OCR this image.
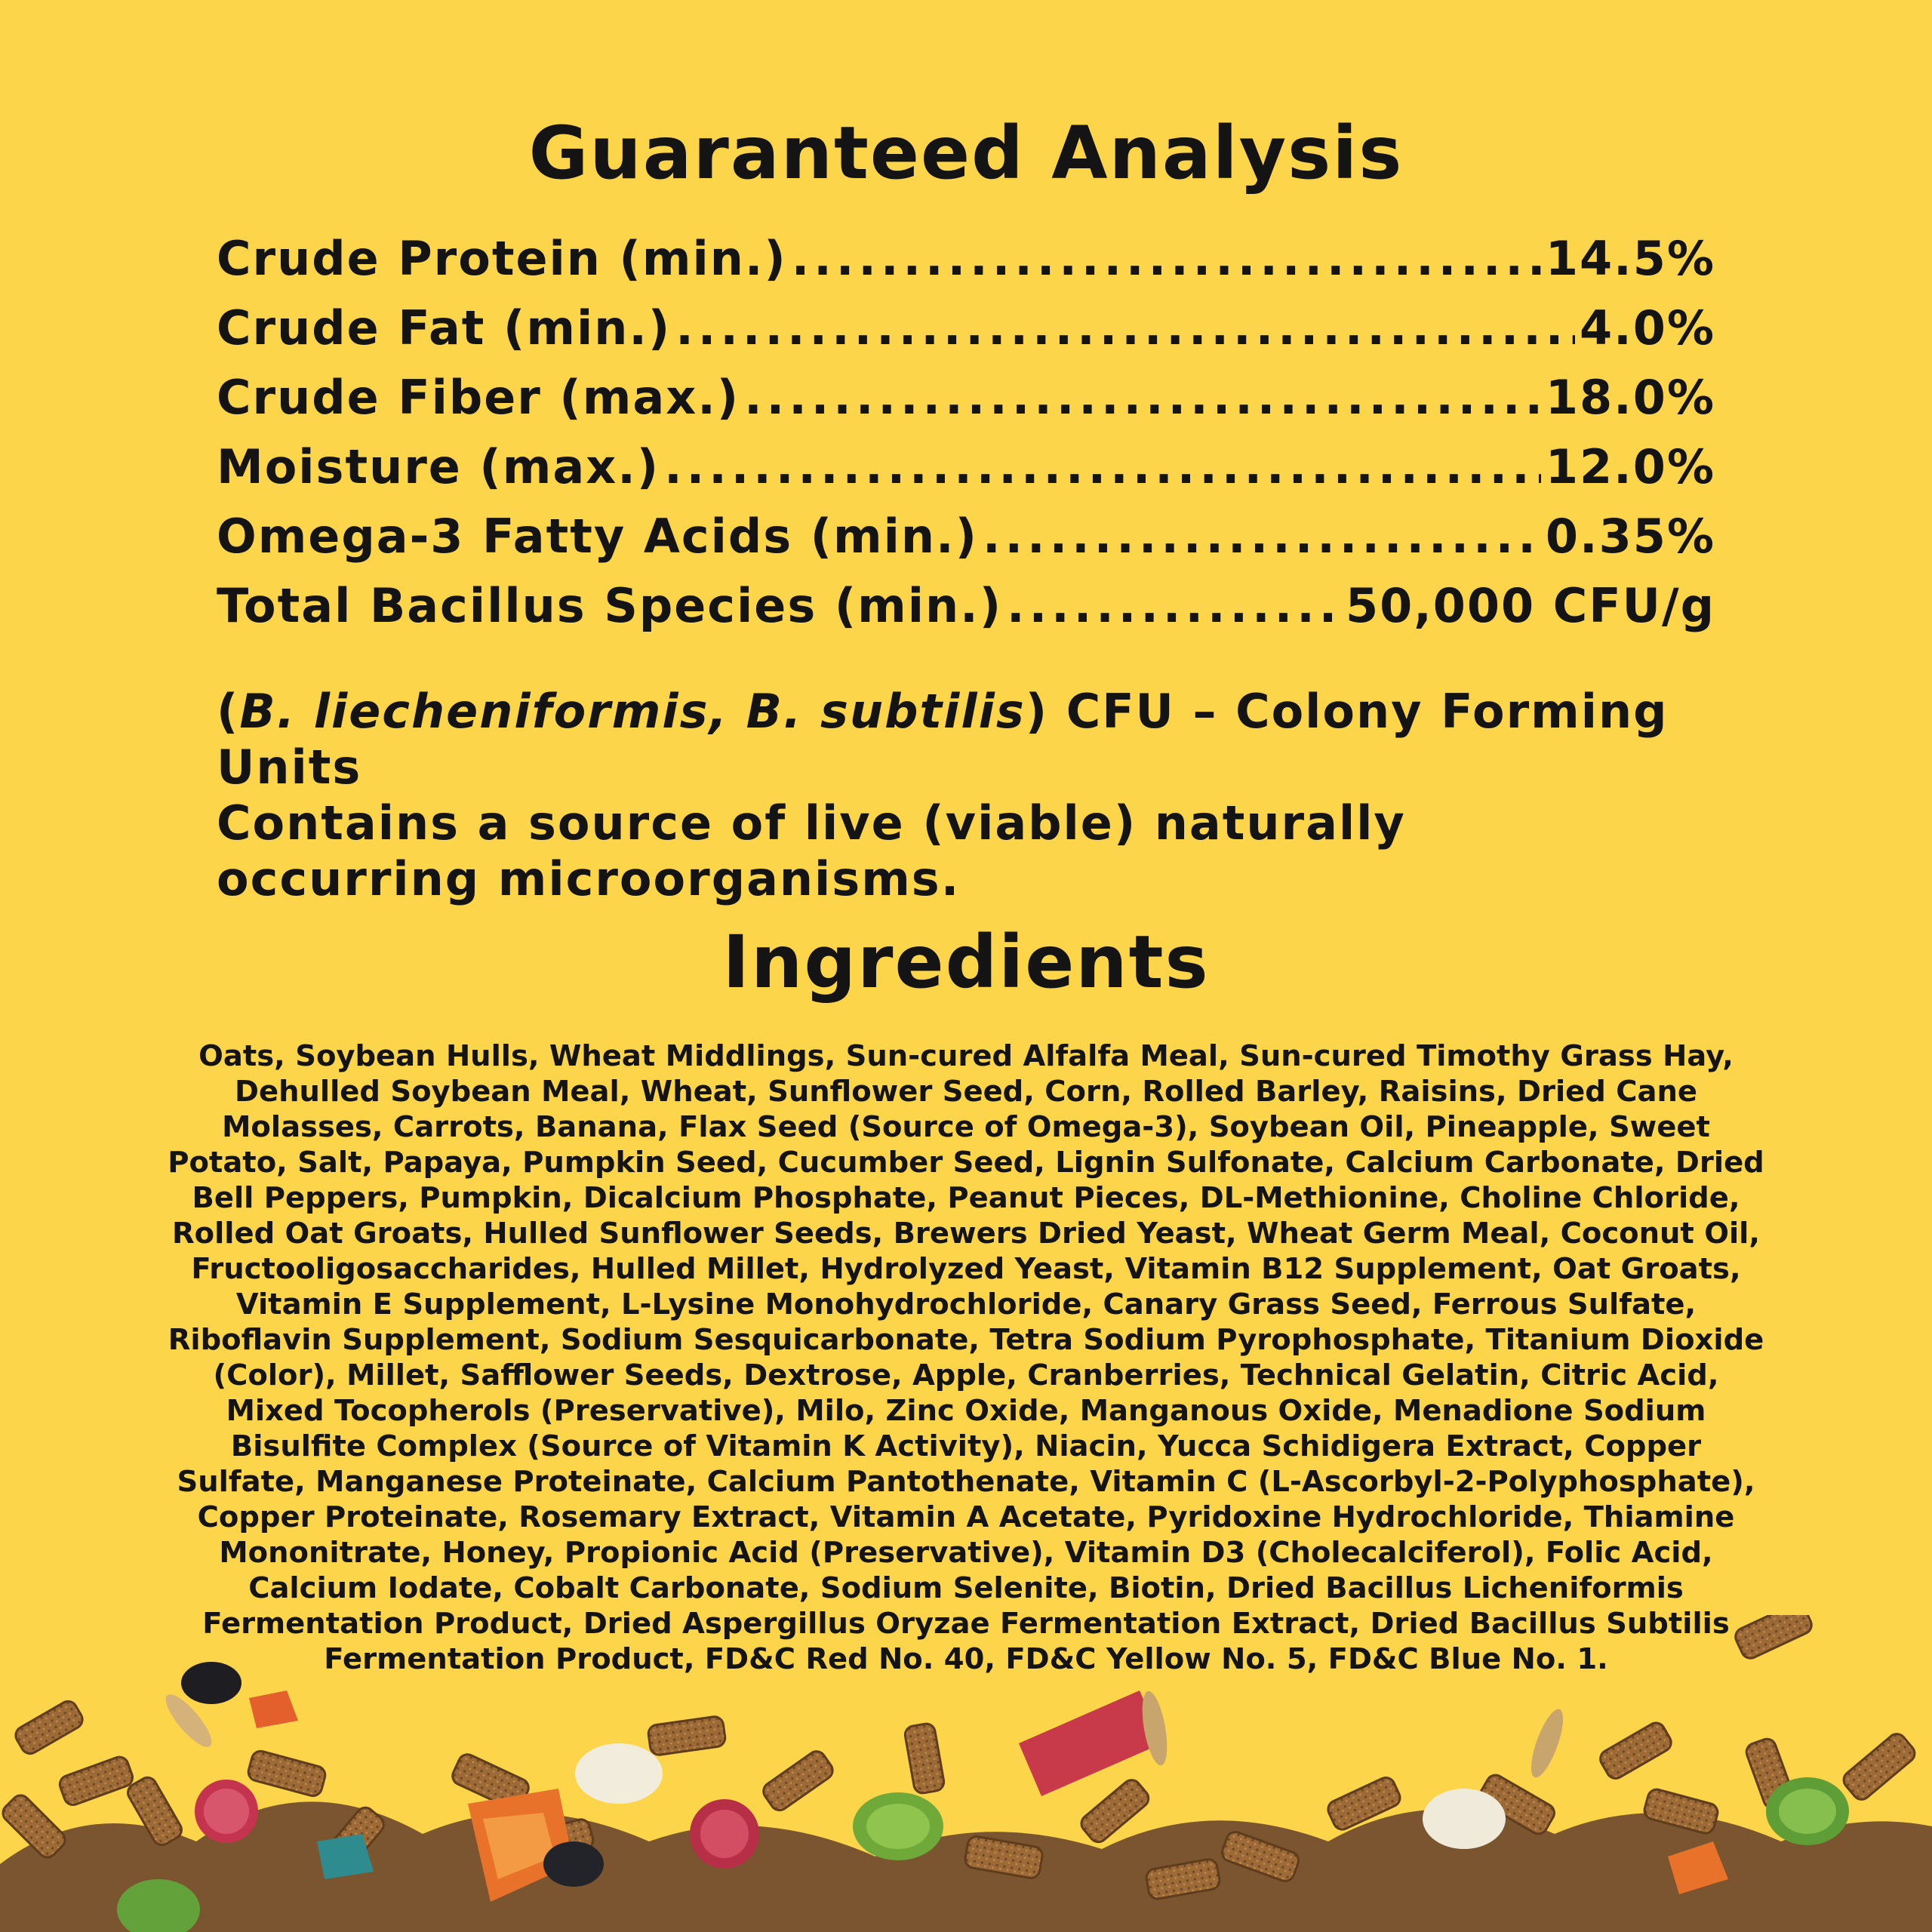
Guaranteed Analysis
Crude Protein (min.) .....	14.5%
Crude Fat (min.) .....	4.0%
Crude Fiber (max.) .....	18.0%
Moisture (max.) .....	12.0%
Omega-3 Fatty Acids (min.) .....	0.35%
Total Bacillus Species (min.) .....	50,000 CFU/g

(B. liecheniformis, B. subtilis) CFU – Colony Forming Units

Contains a source of live (viable) naturally

occurring microorganisms.

Ingredients
Oats, Soybean Hulls, Wheat Middlings, Sun-cured Alfalfa Meal, Sun-cured Timothy Grass Hay,
Dehulled Soybean Meal, Wheat, Sunflower Seed, Corn, Rolled Barley, Raisins, Dried Cane
Molasses, Carrots, Banana, Flax Seed (Source of Omega-3), Soybean Oil, Pineapple, Sweet
Potato, Salt, Papaya, Pumpkin Seed, Cucumber Seed, Lignin Sulfonate, Calcium Carbonate, Dried
Bell Peppers, Pumpkin, Dicalcium Phosphate, Peanut Pieces, DL-Methionine, Choline Chloride,
Rolled Oat Groats, Hulled Sunflower Seeds, Brewers Dried Yeast, Wheat Germ Meal, Coconut Oil,
Fructooligosaccharides, Hulled Millet, Hydrolyzed Yeast, Vitamin B12 Supplement, Oat Groats,
Vitamin E Supplement, L-Lysine Monohydrochloride, Canary Grass Seed, Ferrous Sulfate,
Riboflavin Supplement, Sodium Sesquicarbonate, Tetra Sodium Pyrophosphate, Titanium Dioxide
(Color), Millet, Safflower Seeds, Dextrose, Apple, Cranberries, Technical Gelatin, Citric Acid,
Mixed Tocopherols (Preservative), Milo, Zinc Oxide, Manganous Oxide, Menadione Sodium
Bisulfite Complex (Source of Vitamin K Activity), Niacin, Yucca Schidigera Extract, Copper
Sulfate, Manganese Proteinate, Calcium Pantothenate, Vitamin C (L-Ascorbyl-2-Polyphosphate),
Copper Proteinate, Rosemary Extract, Vitamin A Acetate, Pyridoxine Hydrochloride, Thiamine
Mononitrate, Honey, Propionic Acid (Preservative), Vitamin D3 (Cholecalciferol), Folic Acid,
Calcium Iodate, Cobalt Carbonate, Sodium Selenite, Biotin, Dried Bacillus Licheniformis
Fermentation Product, Dried Aspergillus Oryzae Fermentation Extract, Dried Bacillus Subtilis
Fermentation Product, FD&C Red No. 40, FD&C Yellow No. 5, FD&C Blue No. 1.
